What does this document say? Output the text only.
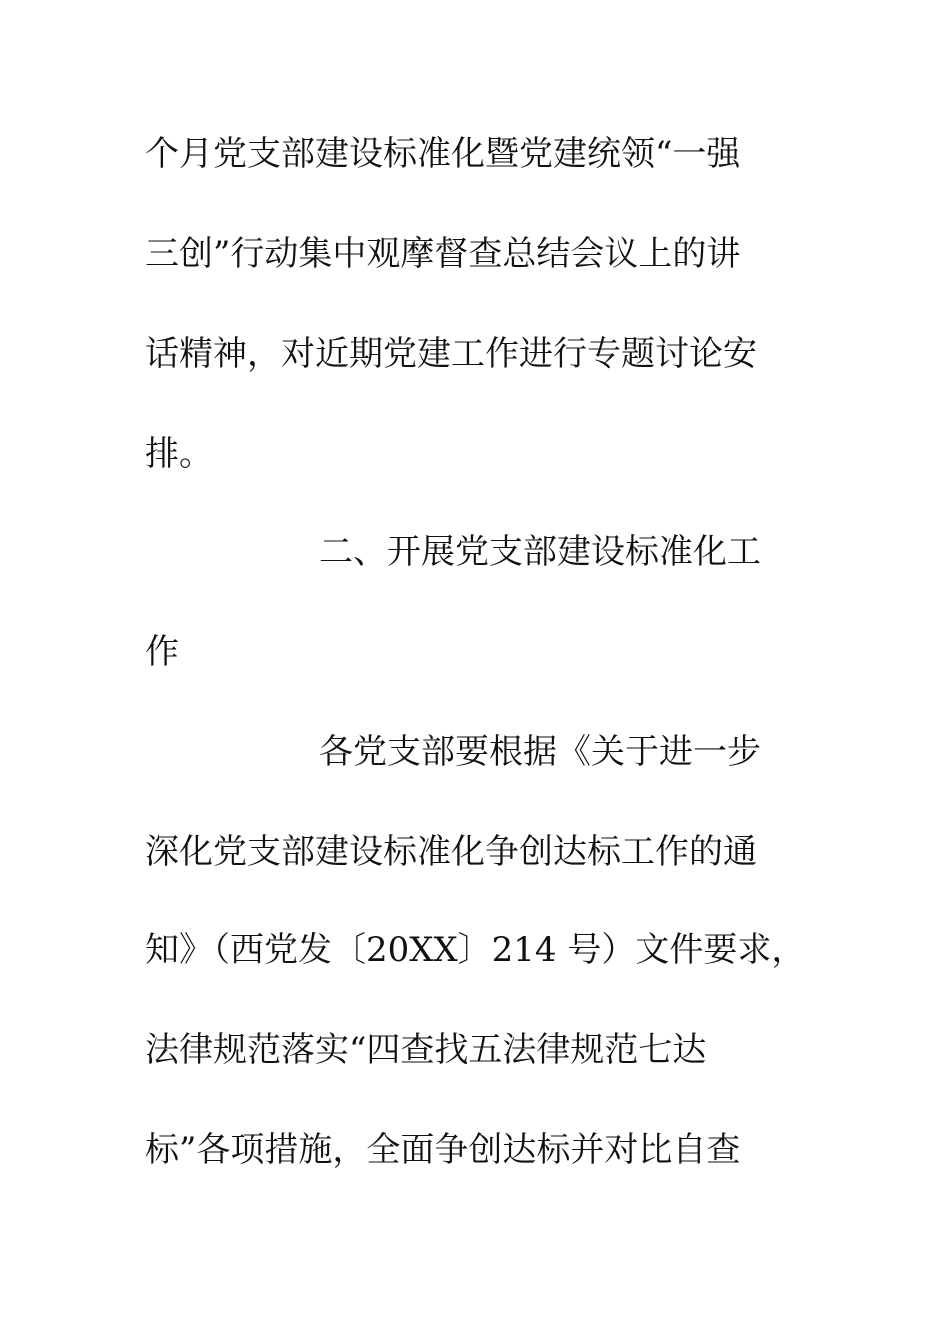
个月党支部建设标准化暨党建统领“一强
三创”行动集中观摩督查总结会议上的讲
话精神，对近期党建工作进行专题讨论安
排。
二、开展党支部建设标准化工
作
各党支部要根据《关于进一步
深化党支部建设标准化争创达标工作的通
知》（西党发〔20XX〕214 号）文件要求，
法律规范落实“四查找五法律规范七达
标”各项措施，全面争创达标并对比自查
